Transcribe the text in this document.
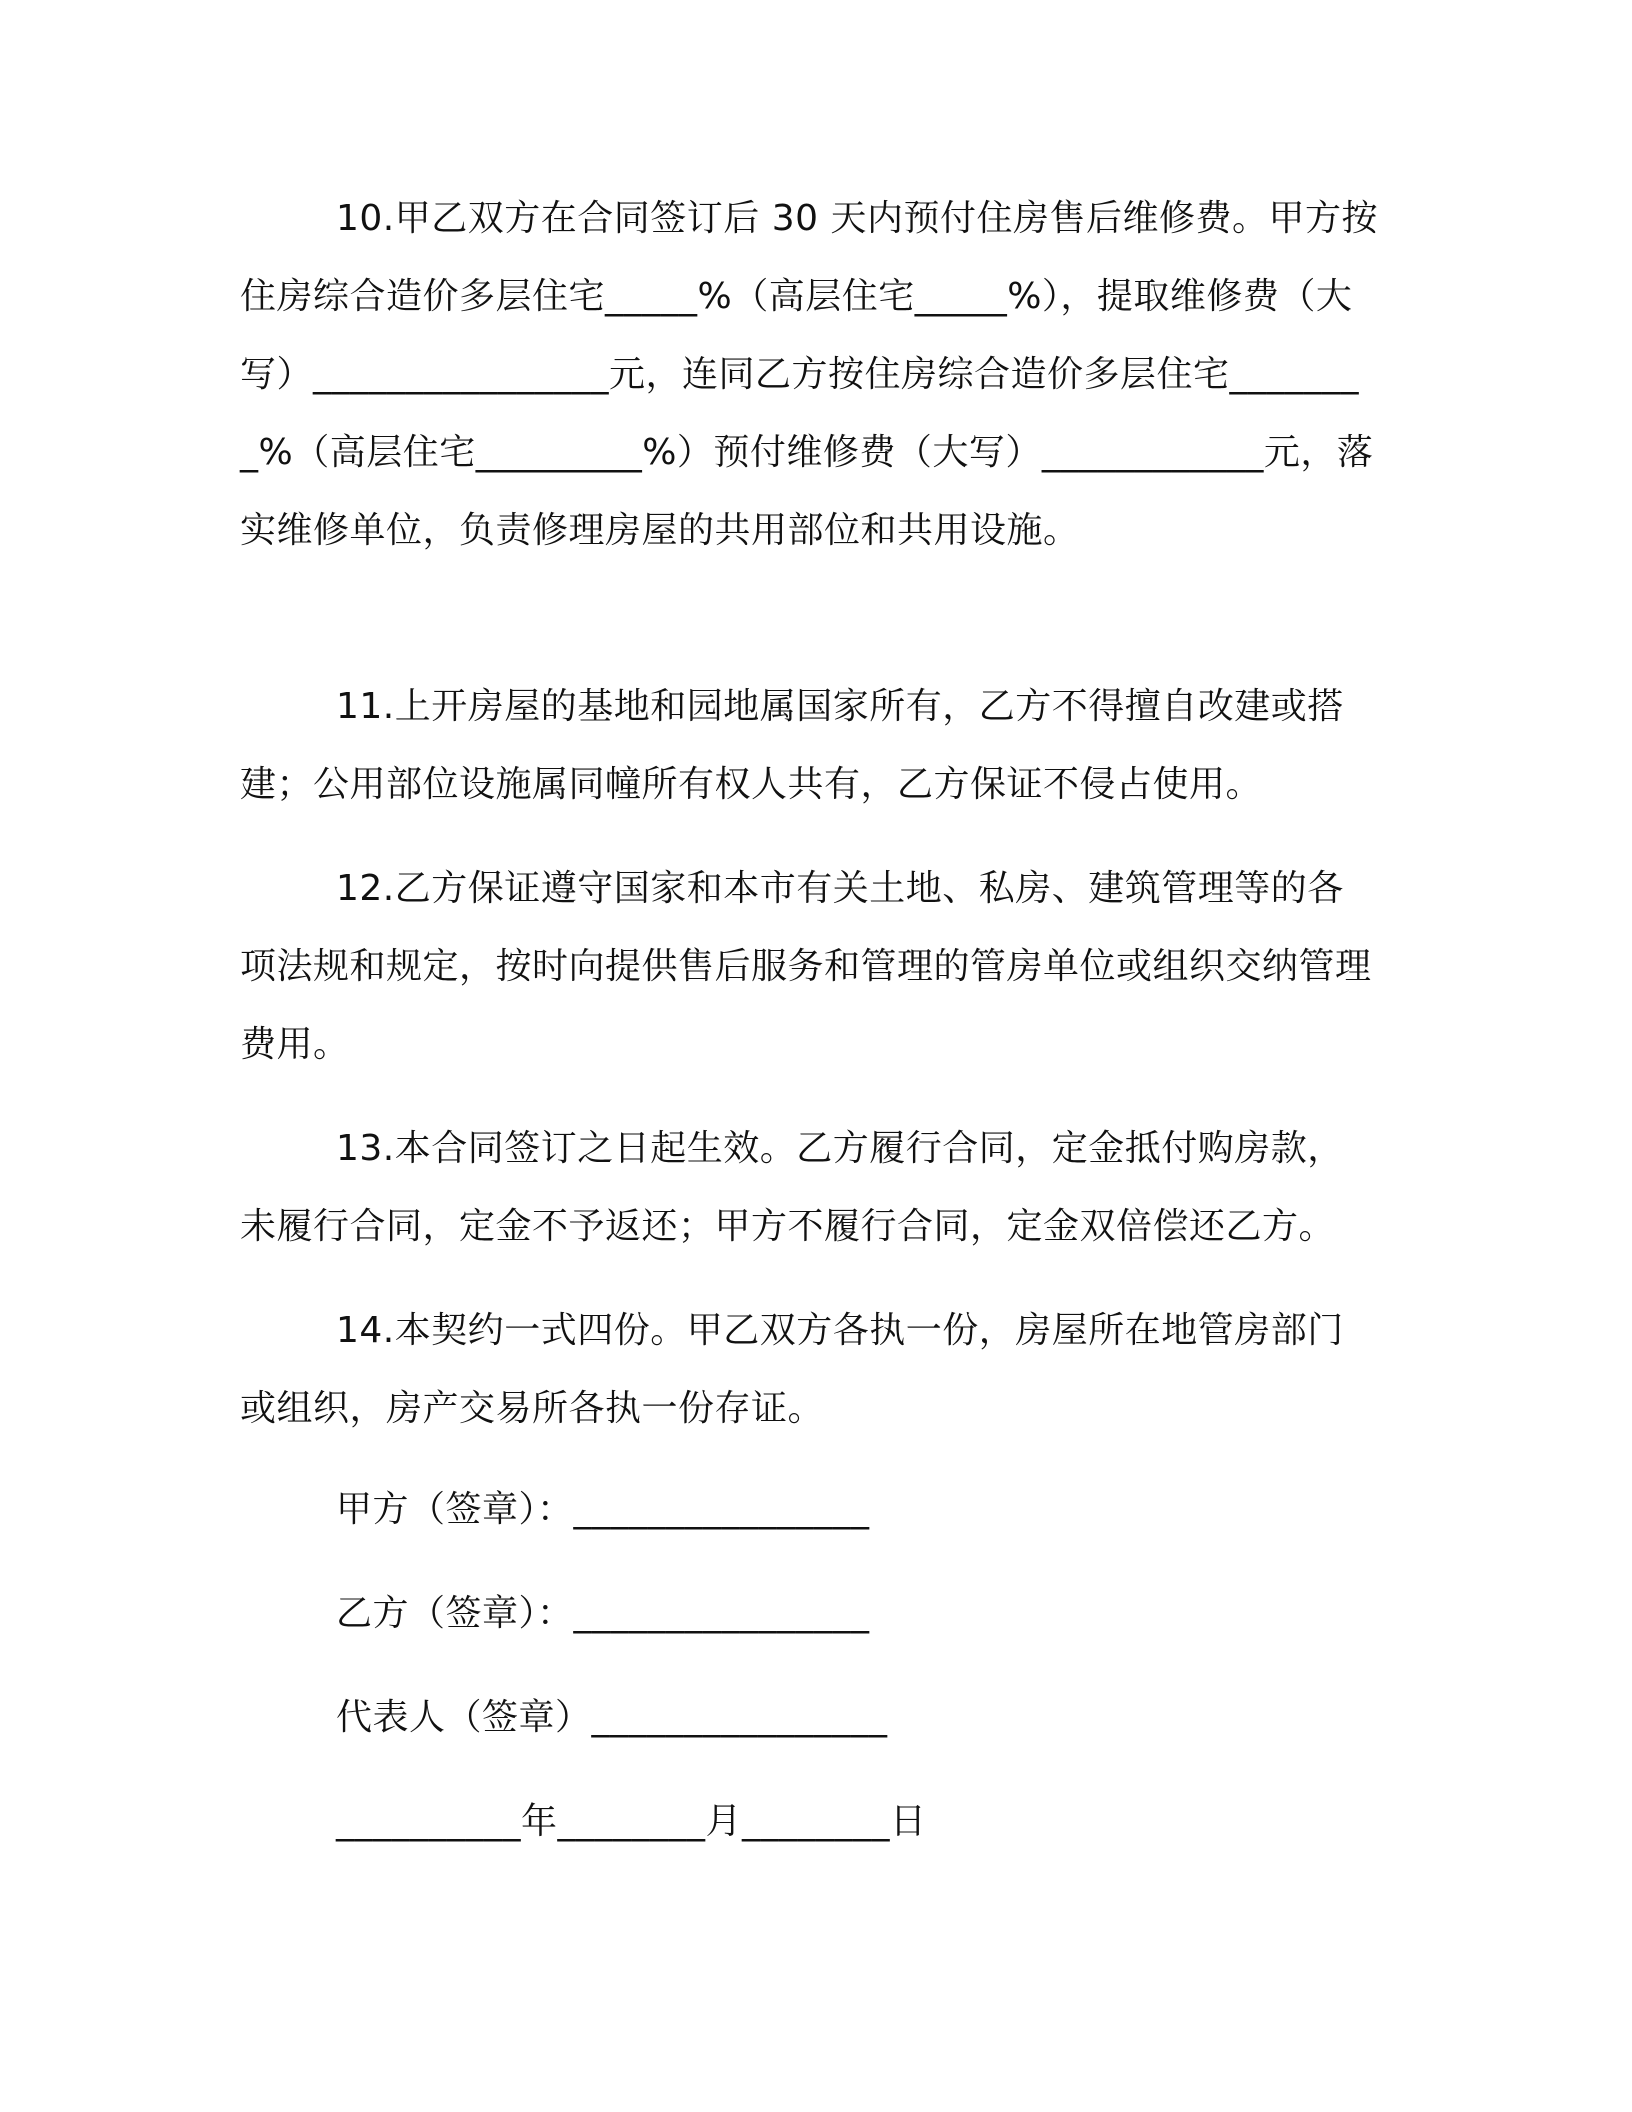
10.甲乙双方在合同签订后 30 天内预付住房售后维修费。甲方按住房综合造价多层住宅_____%（高层住宅_____%），提取维修费（大写）________________元，连同乙方按住房综合造价多层住宅________%（高层住宅_________%）预付维修费（大写）____________元，落实维修单位，负责修理房屋的共用部位和共用设施。

11.上开房屋的基地和园地属国家所有，乙方不得擅自改建或搭建；公用部位设施属同幢所有权人共有，乙方保证不侵占使用。

12.乙方保证遵守国家和本市有关土地、私房、建筑管理等的各项法规和规定，按时向提供售后服务和管理的管房单位或组织交纳管理费用。

13.本合同签订之日起生效。乙方履行合同，定金抵付购房款，未履行合同，定金不予返还；甲方不履行合同，定金双倍偿还乙方。

14.本契约一式四份。甲乙双方各执一份，房屋所在地管房部门或组织，房产交易所各执一份存证。

甲方（签章）：________________
乙方（签章）：________________
代表人（签章）________________
__________年________月________日
